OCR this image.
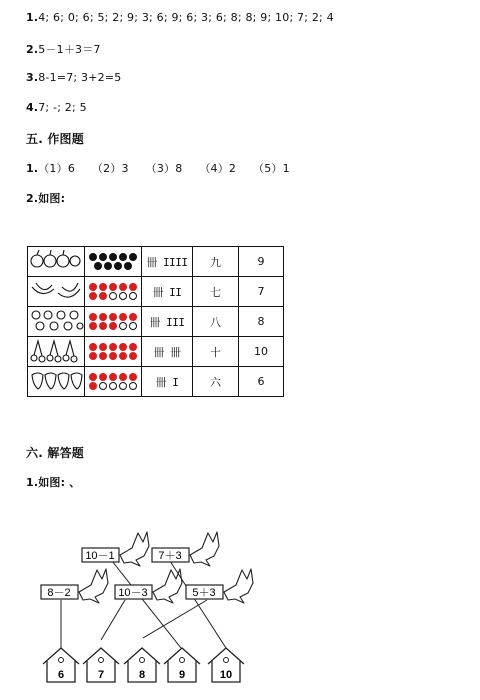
1.4; 6; 0; 6; 5; 2; 9; 3; 6; 9; 6; 3; 6; 8; 8; 9; 10; 7; 2; 4
2.5－1＋3＝7
3.8-1=7; 3+2=5
4.7; -; 2; 5
五. 作图题
1.（1）6　　（2）3　　（3）8　　（4）2　　（5）1
2.如图:

	卌 IIII	九	9

	卌 II	七	7

	卌 III	八	8

	卌 卌	十	10

	卌 I	六	6
六. 解答题
1.如图: 、
10－1	7＋3
8－2	10－3	5＋3
6	7	8	9	10
